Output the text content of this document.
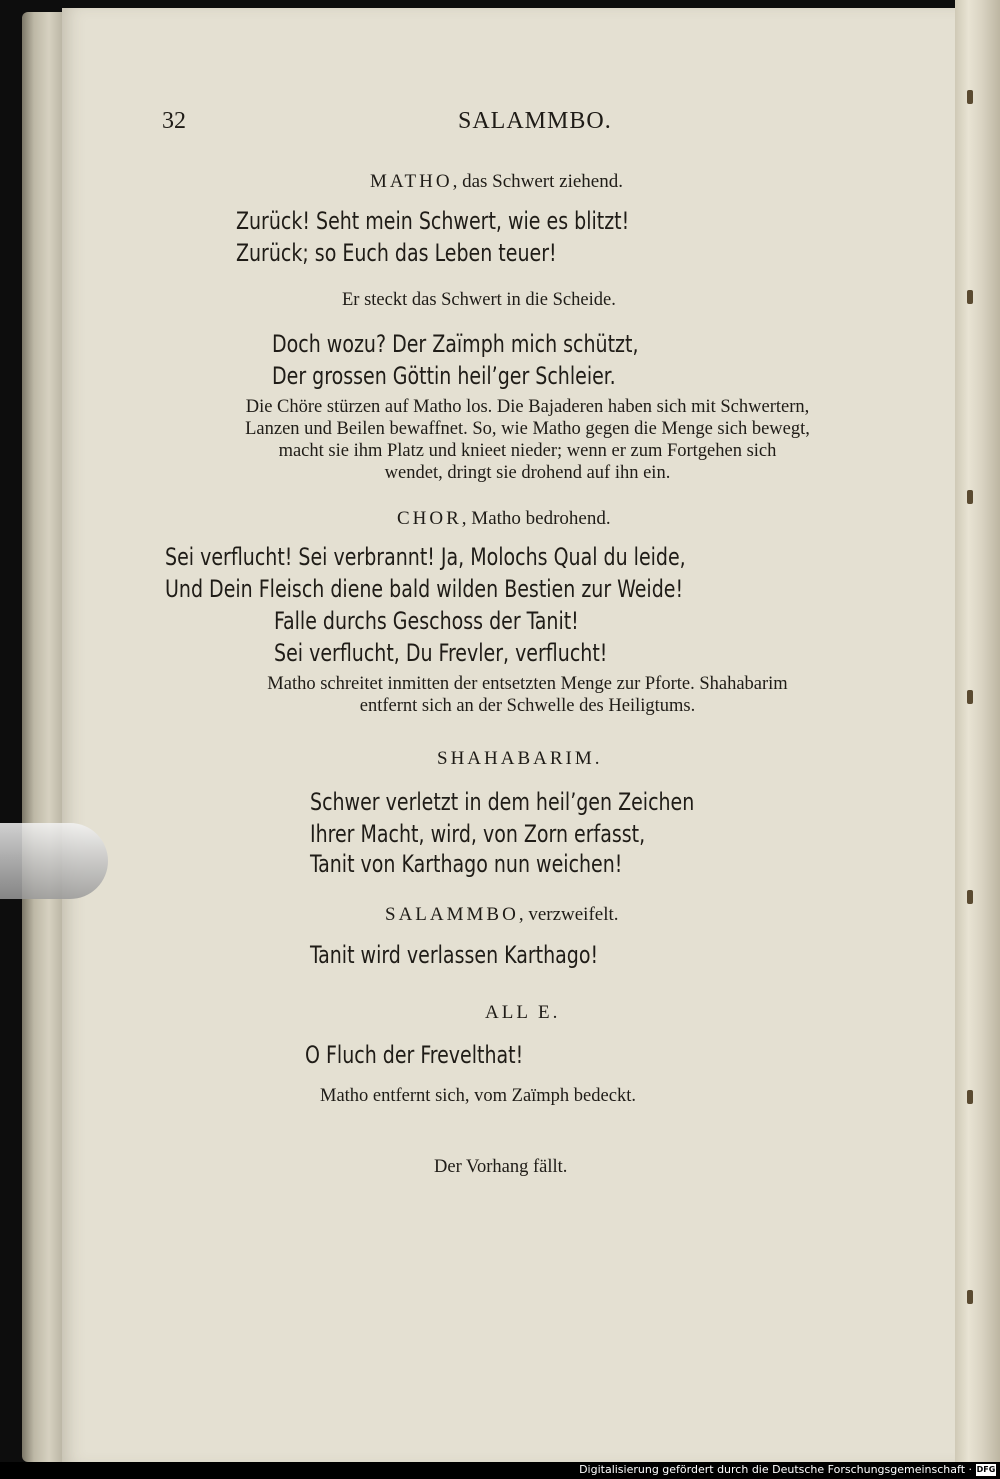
32	SALAMMBO.
MATHO, das Schwert ziehend.
Zurück! Seht mein Schwert, wie es blitzt!
Zurück; so Euch das Leben teuer!
Er steckt das Schwert in die Scheide.
Doch wozu? Der Zaïmph mich schützt,
Der grossen Göttin heil’ger Schleier.
Die Chöre stürzen auf Matho los. Die Bajaderen haben sich mit Schwertern,
Lanzen und Beilen bewaffnet. So, wie Matho gegen die Menge sich bewegt,
macht sie ihm Platz und knieet nieder; wenn er zum Fortgehen sich
wendet, dringt sie drohend auf ihn ein.
CHOR, Matho bedrohend.
Sei verflucht! Sei verbrannt! Ja, Molochs Qual du leide,
Und Dein Fleisch diene bald wilden Bestien zur Weide!
Falle durchs Geschoss der Tanit!
Sei verflucht, Du Frevler, verflucht!
Matho schreitet inmitten der entsetzten Menge zur Pforte. Shahabarim
entfernt sich an der Schwelle des Heiligtums.
SHAHABARIM.
Schwer verletzt in dem heil’gen Zeichen
Ihrer Macht, wird, von Zorn erfasst,
Tanit von Karthago nun weichen!
SALAMMBO, verzweifelt.
Tanit wird verlassen Karthago!
ALL E.
O Fluch der Frevelthat!
Matho entfernt sich, vom Zaïmph bedeckt.
Der Vorhang fällt.
Digitalisierung gefördert durch die Deutsche Forschungsgemeinschaft · DFG
